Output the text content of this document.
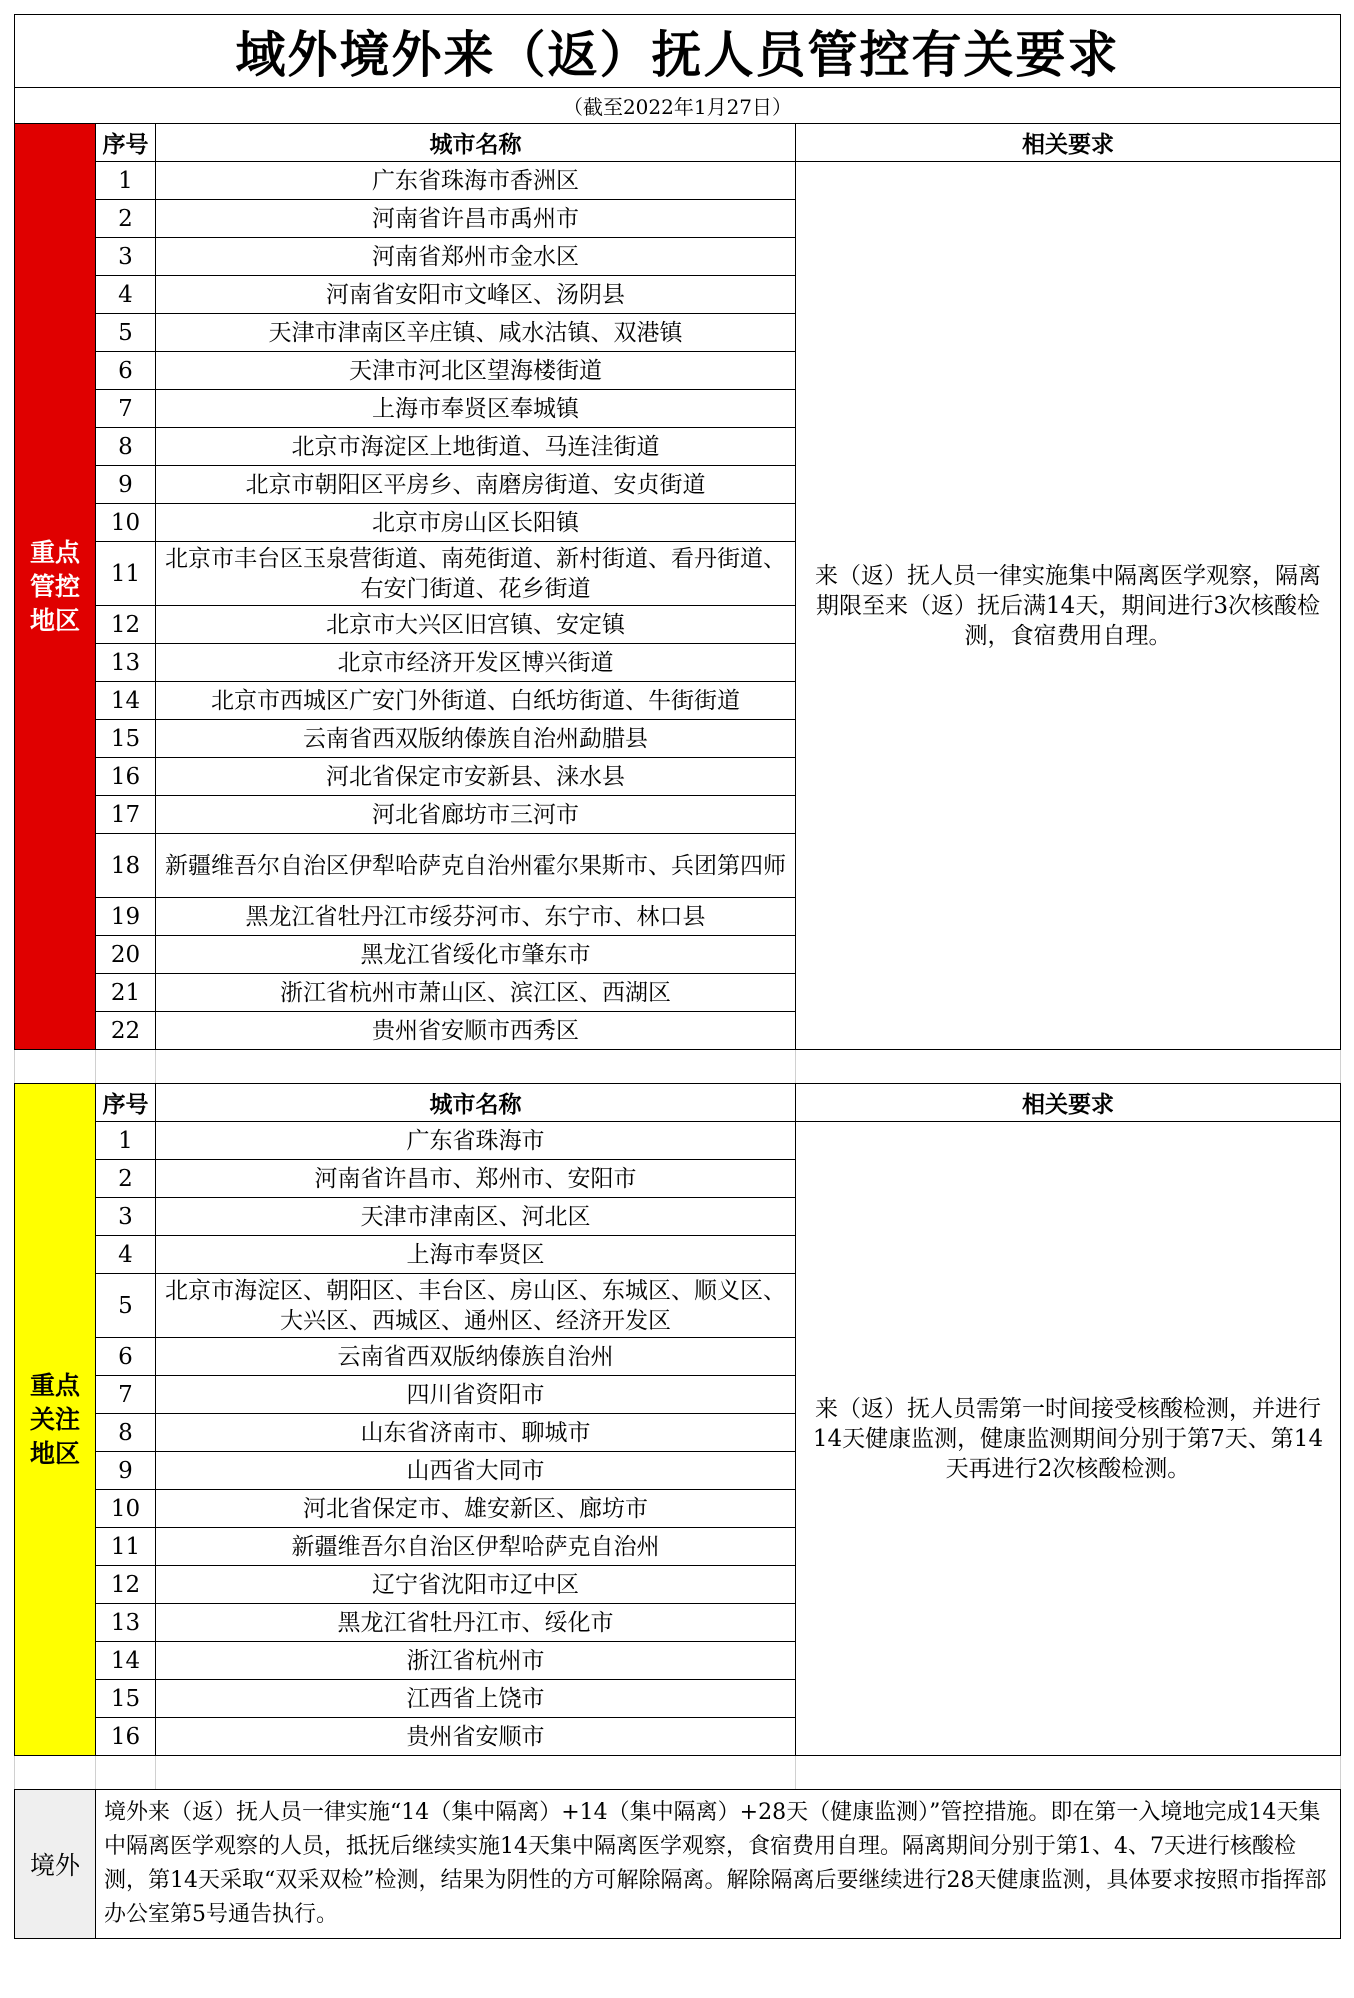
域外境外来（返）抚人员管控有关要求			
（截至2022年1月27日）			

重点管控地区	序号	城市名称	相关要求
	1	广东省珠海市香洲区	来（返）抚人员一律实施集中隔离医学观察，隔离期限至来（返）抚后满14天，期间进行3次核酸检测，食宿费用自理。
	2	河南省许昌市禹州市	
	3	河南省郑州市金水区	
	4	河南省安阳市文峰区、汤阴县	
	5	天津市津南区辛庄镇、咸水沽镇、双港镇	
	6	天津市河北区望海楼街道	
	7	上海市奉贤区奉城镇	
	8	北京市海淀区上地街道、马连洼街道	
	9	北京市朝阳区平房乡、南磨房街道、安贞街道	
	10	北京市房山区长阳镇	
	11	北京市丰台区玉泉营街道、南苑街道、新村街道、看丹街道、右安门街道、花乡街道	
	12	北京市大兴区旧宫镇、安定镇	
	13	北京市经济开发区博兴街道	
	14	北京市西城区广安门外街道、白纸坊街道、牛街街道	
	15	云南省西双版纳傣族自治州勐腊县	
	16	河北省保定市安新县、涞水县	
	17	河北省廊坊市三河市	
	18	新疆维吾尔自治区伊犁哈萨克自治州霍尔果斯市、兵团第四师	
	19	黑龙江省牡丹江市绥芬河市、东宁市、林口县	
	20	黑龙江省绥化市肇东市	
	21	浙江省杭州市萧山区、滨江区、西湖区	
	22	贵州省安顺市西秀区	

重点关注地区	序号	城市名称	相关要求
	1	广东省珠海市	来（返）抚人员需第一时间接受核酸检测，并进行14天健康监测，健康监测期间分别于第7天、第14天再进行2次核酸检测。
	2	河南省许昌市、郑州市、安阳市	
	3	天津市津南区、河北区	
	4	上海市奉贤区	
	5	北京市海淀区、朝阳区、丰台区、房山区、东城区、顺义区、大兴区、西城区、通州区、经济开发区	
	6	云南省西双版纳傣族自治州	
	7	四川省资阳市	
	8	山东省济南市、聊城市	
	9	山西省大同市	
	10	河北省保定市、雄安新区、廊坊市	
	11	新疆维吾尔自治区伊犁哈萨克自治州	
	12	辽宁省沈阳市辽中区	
	13	黑龙江省牡丹江市、绥化市	
	14	浙江省杭州市	
	15	江西省上饶市	
	16	贵州省安顺市	

境外	境外来（返）抚人员一律实施“14（集中隔离）+14（集中隔离）+28天（健康监测）”管控措施。即在第一入境地完成14天集中隔离医学观察的人员，抵抚后继续实施14天集中隔离医学观察，食宿费用自理。隔离期间分别于第1、4、7天进行核酸检测，第14天采取“双采双检”检测，结果为阴性的方可解除隔离。解除隔离后要继续进行28天健康监测，具体要求按照市指挥部办公室第5号通告执行。		
